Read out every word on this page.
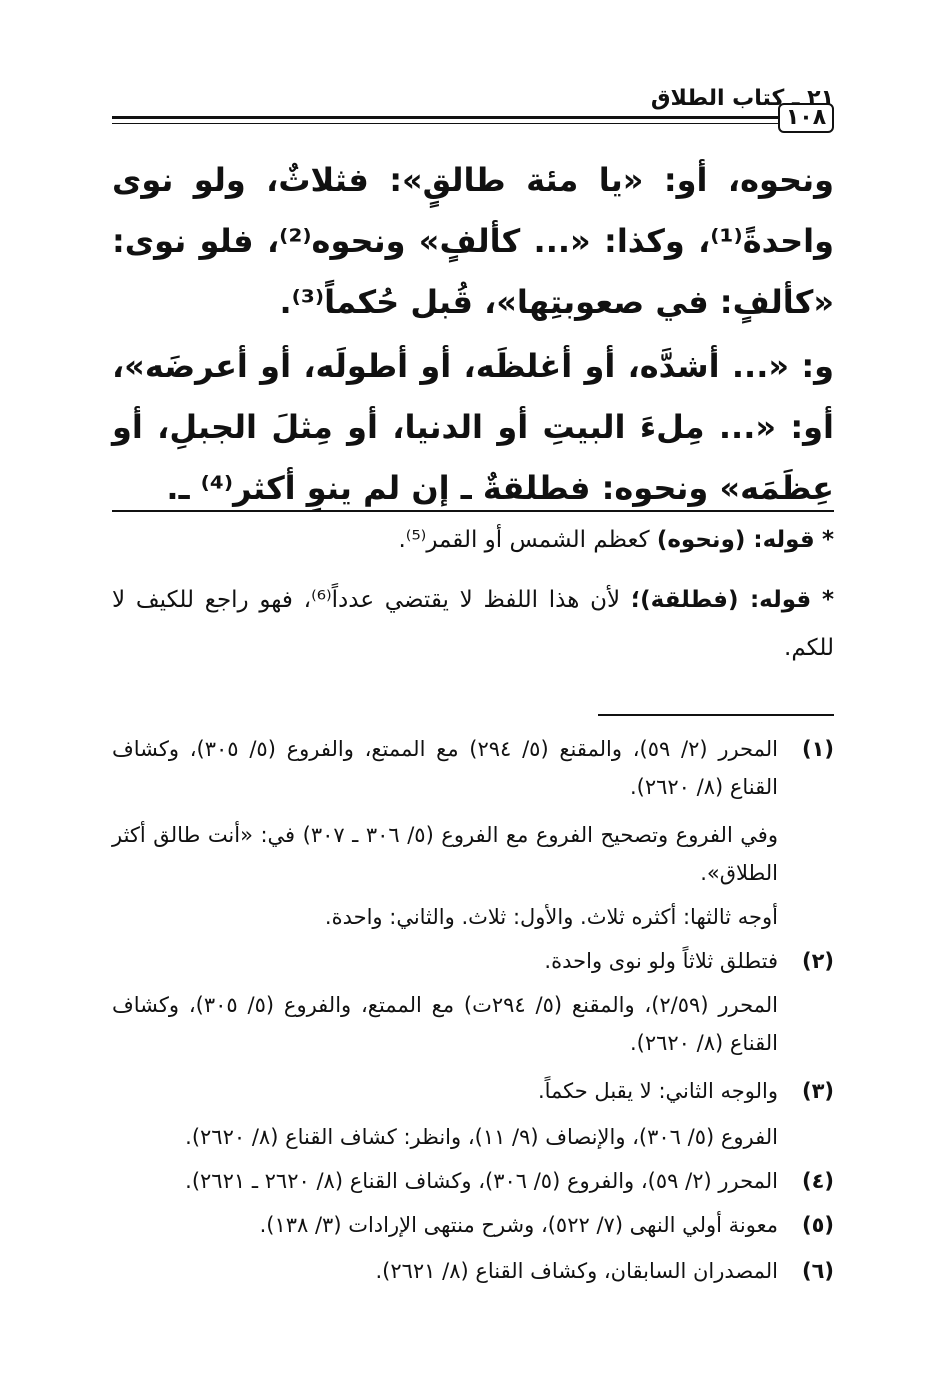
٢١ ـ كتاب الطلاق
١٠٨
ونحوه، أو: «يا مئة طالقٍ»: فثلاثٌ، ولو نوى واحدةً⁽¹⁾، وكذا: «... كألفٍ» ونحوه⁽²⁾، فلو نوى: «كألفٍ: في صعوبتِها»، قُبل حُكماً⁽³⁾.
و: «... أشدَّه، أو أغلظَه، أو أطولَه، أو أعرضَه»، أو: «... مِلءَ البيتِ أو الدنيا، أو مِثلَ الجبلِ، أو عِظَمَه» ونحوه: فطلقةٌ ـ إن لم ينوِ أكثر⁽⁴⁾ ـ.
* قوله: (ونحوه) كعظم الشمس أو القمر⁽⁵⁾.
* قوله: (فطلقة)؛ لأن هذا اللفظ لا يقتضي عدداً⁽⁶⁾، فهو راجع للكيف لا للكم.
(١)
المحرر (٢/ ٥٩)، والمقنع (٥/ ٢٩٤) مع الممتع، والفروع (٥/ ٣٠٥)، وكشاف القناع (٨/ ٢٦٢٠).
وفي الفروع وتصحيح الفروع مع الفروع (٥/ ٣٠٦ ـ ٣٠٧) في: «أنت طالق أكثر الطلاق».
أوجه ثالثها: أكثره ثلاث. والأول: ثلاث. والثاني: واحدة.
(٢)
فتطلق ثلاثاً ولو نوى واحدة.
المحرر (٢/٥٩)، والمقنع (٥/ ٢٩٤ت) مع الممتع، والفروع (٥/ ٣٠٥)، وكشاف القناع (٨/ ٢٦٢٠).
(٣)
والوجه الثاني: لا يقبل حكماً.
الفروع (٥/ ٣٠٦)، والإنصاف (٩/ ١١)، وانظر: كشاف القناع (٨/ ٢٦٢٠).
(٤)
المحرر (٢/ ٥٩)، والفروع (٥/ ٣٠٦)، وكشاف القناع (٨/ ٢٦٢٠ ـ ٢٦٢١).
(٥)
معونة أولي النهى (٧/ ٥٢٢)، وشرح منتهى الإرادات (٣/ ١٣٨).
(٦)
المصدران السابقان، وكشاف القناع (٨/ ٢٦٢١).
